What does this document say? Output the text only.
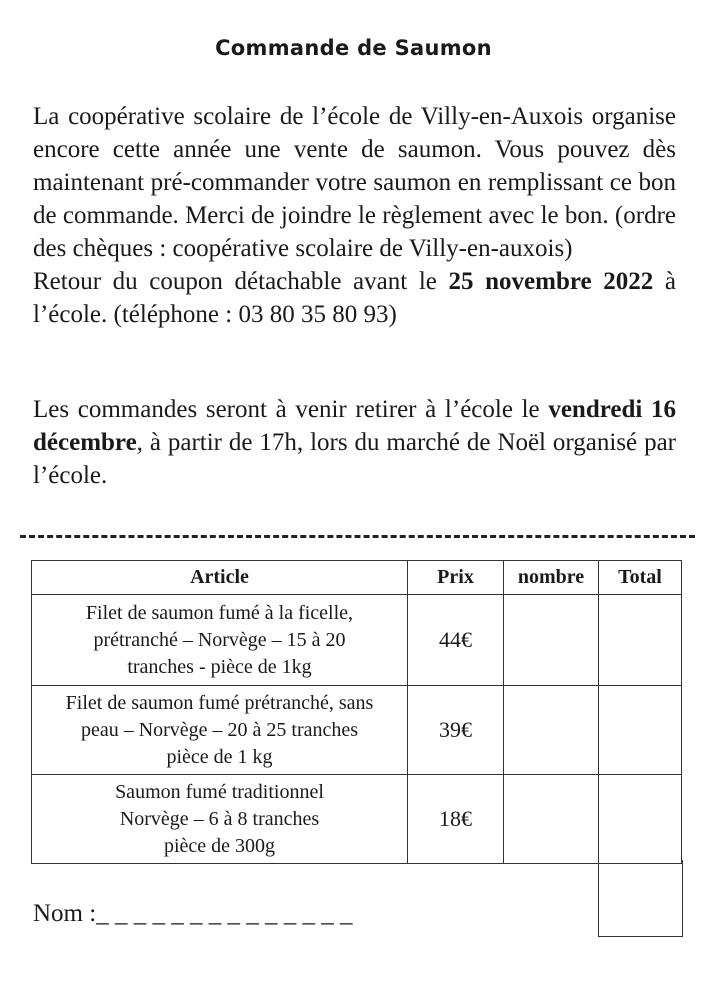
Commande de Saumon

La coopérative scolaire de l’école de Villy-en-Auxois organise encore cette année une vente de saumon. Vous pouvez dès maintenant pré-commander votre saumon en remplissant ce bon de commande. Merci de joindre le règlement avec le bon. (ordre des chèques : coopérative scolaire de Villy-en-auxois)
Retour du coupon détachable avant le 25 novembre 2022 à l’école. (téléphone : 03 80 35 80 93)

Les commandes seront à venir retirer à l’école le vendredi 16 décembre, à partir de 17h, lors du marché de Noël organisé par l’école.

Article	Prix	nombre	Total
Filet de saumon fumé à la ficelle,
prétranché – Norvège – 15 à 20
tranches - pièce de 1kg	44€		
Filet de saumon fumé prétranché, sans
peau – Norvège – 20 à 25 tranches
pièce de 1 kg	39€		
Saumon fumé traditionnel
Norvège – 6 à 8 tranches
pièce de 300g	18€		
Nom :_ _ _ _ _ _ _ _ _ _ _ _ _ _
